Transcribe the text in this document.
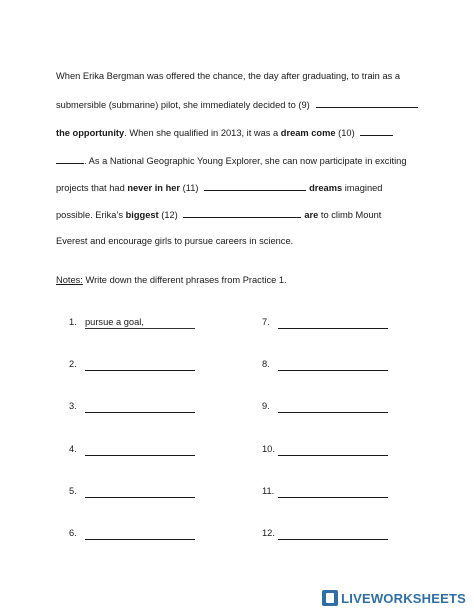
When Erika Bergman was offered the chance, the day after graduating, to train as a
submersible (submarine) pilot, she immediately decided to (9)
the opportunity. When she qualified in 2013, it was a dream come (10)
. As a National Geographic Young Explorer, she can now participate in exciting
projects that had never in her (11)	dreams imagined
possible. Erika’s biggest (12)	are to climb Mount
Everest and encourage girls to pursue careers in science.
Notes: Write down the different phrases from Practice 1.
1. pursue a goal,
2.
3.
4.
5.
6.
7.
8.
9.
10.
11.
12.
LIVEWORKSHEETS
